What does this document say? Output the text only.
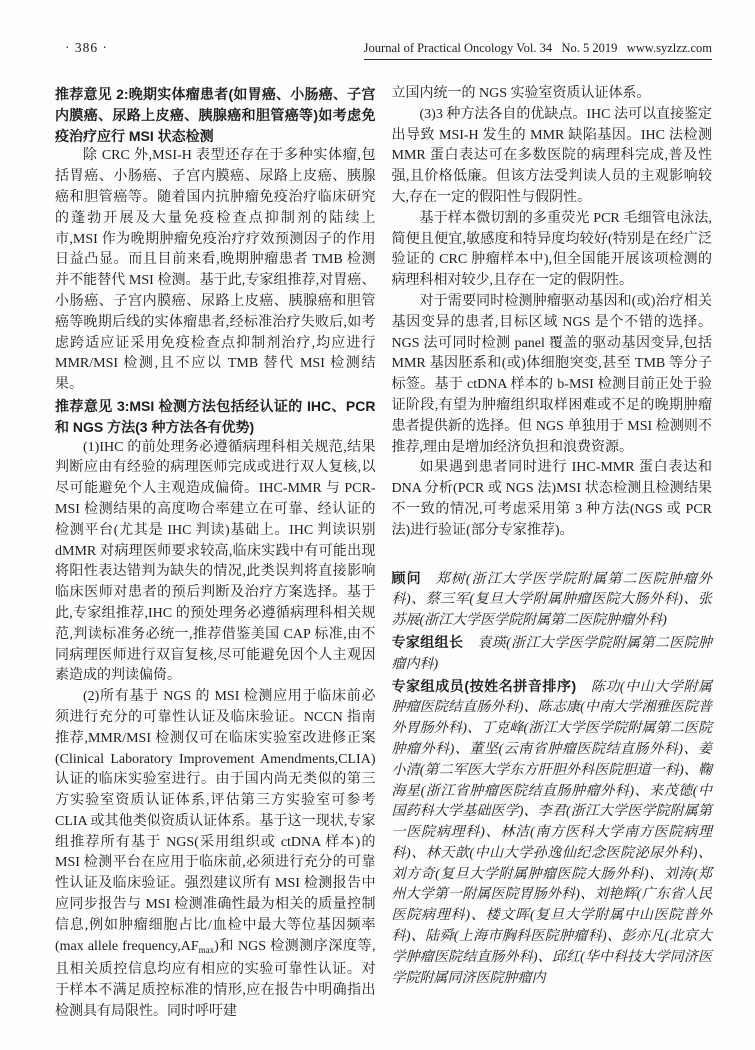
· 386 ·	Journal of Practical Oncology Vol. 34   No. 5 2019   www.syzlzz.com

推荐意见 2:晚期实体瘤患者(如胃癌、小肠癌、子宫内膜癌、尿路上皮癌、胰腺癌和胆管癌等)如考虑免疫治疗应行 MSI 状态检测

除 CRC 外,MSI-H 表型还存在于多种实体瘤,包括胃癌、小肠癌、子宫内膜癌、尿路上皮癌、胰腺癌和胆管癌等。随着国内抗肿瘤免疫治疗临床研究的蓬勃开展及大量免疫检查点抑制剂的陆续上市,MSI 作为晚期肿瘤免疫治疗疗效预测因子的作用日益凸显。而且目前来看,晚期肿瘤患者 TMB 检测并不能替代 MSI 检测。基于此,专家组推荐,对胃癌、小肠癌、子宫内膜癌、尿路上皮癌、胰腺癌和胆管癌等晚期后线的实体瘤患者,经标准治疗失败后,如考虑跨适应证采用免疫检查点抑制剂治疗,均应进行 MMR/MSI 检测,且不应以 TMB 替代 MSI 检测结果。

推荐意见 3:MSI 检测方法包括经认证的 IHC、PCR 和 NGS 方法(3 种方法各有优势)

(1)IHC 的前处理务必遵循病理科相关规范,结果判断应由有经验的病理医师完成或进行双人复核,以尽可能避免个人主观造成偏倚。IHC-MMR 与 PCR-MSI 检测结果的高度吻合率建立在可靠、经认证的检测平台(尤其是 IHC 判读)基础上。IHC 判读识别 dMMR 对病理医师要求较高,临床实践中有可能出现将阳性表达错判为缺失的情况,此类误判将直接影响临床医师对患者的预后判断及治疗方案选择。基于此,专家组推荐,IHC 的预处理务必遵循病理科相关规范,判读标准务必统一,推荐借鉴美国 CAP 标准,由不同病理医师进行双盲复核,尽可能避免因个人主观因素造成的判读偏倚。

(2)所有基于 NGS 的 MSI 检测应用于临床前必须进行充分的可靠性认证及临床验证。NCCN 指南推荐,MMR/MSI 检测仅可在临床实验室改进修正案(Clinical Laboratory Improvement Amendments,CLIA)认证的临床实验室进行。由于国内尚无类似的第三方实验室资质认证体系,评估第三方实验室可参考 CLIA 或其他类似资质认证体系。基于这一现状,专家组推荐所有基于 NGS(采用组织或 ctDNA 样本)的 MSI 检测平台在应用于临床前,必须进行充分的可靠性认证及临床验证。强烈建议所有 MSI 检测报告中应同步报告与 MSI 检测准确性最为相关的质量控制信息,例如肿瘤细胞占比/血检中最大等位基因频率(max allele $frequency,AF_{max}$)和 NGS 检测测序深度等,且相关质控信息均应有相应的实验可靠性认证。对于样本不满足质控标准的情形,应在报告中明确指出检测具有局限性。同时呼吁建

立国内统一的 NGS 实验室资质认证体系。

(3)3 种方法各自的优缺点。IHC 法可以直接鉴定出导致 MSI-H 发生的 MMR 缺陷基因。IHC 法检测 MMR 蛋白表达可在多数医院的病理科完成,普及性强,且价格低廉。但该方法受判读人员的主观影响较大,存在一定的假阳性与假阴性。

基于样本微切割的多重荧光 PCR 毛细管电泳法,简便且便宜,敏感度和特异度均较好(特别是在经广泛验证的 CRC 肿瘤样本中),但全国能开展该项检测的病理科相对较少,且存在一定的假阴性。

对于需要同时检测肿瘤驱动基因和(或)治疗相关基因变异的患者,目标区域 NGS 是个不错的选择。NGS 法可同时检测 panel 覆盖的驱动基因变异,包括 MMR 基因胚系和(或)体细胞突变,甚至 TMB 等分子标签。基于 ctDNA 样本的 b-MSI 检测目前正处于验证阶段,有望为肿瘤组织取样困难或不足的晚期肿瘤患者提供新的选择。但 NGS 单独用于 MSI 检测则不推荐,理由是增加经济负担和浪费资源。

如果遇到患者同时进行 IHC-MMR 蛋白表达和 DNA 分析(PCR 或 NGS 法)MSI 状态检测且检测结果不一致的情况,可考虑采用第 3 种方法(NGS 或 PCR 法)进行验证(部分专家推荐)。

顾问 郑树(浙江大学医学院附属第二医院肿瘤外科)、蔡三军(复旦大学附属肿瘤医院大肠外科)、张苏展(浙江大学医学院附属第二医院肿瘤外科)

专家组组长 袁瑛(浙江大学医学院附属第二医院肿瘤内科)

专家组成员(按姓名拼音排序) 陈功(中山大学附属肿瘤医院结直肠外科)、陈志康(中南大学湘雅医院普外胃肠外科)、丁克峰(浙江大学医学院附属第二医院肿瘤外科)、董坚(云南省肿瘤医院结直肠外科)、姜小清(第二军医大学东方肝胆外科医院胆道一科)、鞠海星(浙江省肿瘤医院结直肠肿瘤外科)、来茂德(中国药科大学基础医学)、李君(浙江大学医学院附属第一医院病理科)、林洁(南方医科大学南方医院病理科)、林天歆(中山大学孙逸仙纪念医院泌尿外科)、刘方奇(复旦大学附属肿瘤医院大肠外科)、刘涛(郑州大学第一附属医院胃肠外科)、刘艳辉(广东省人民医院病理科)、楼文晖(复旦大学附属中山医院普外科)、陆舜(上海市胸科医院肿瘤科)、彭亦凡(北京大学肿瘤医院结直肠外科)、邱红(华中科技大学同济医学院附属同济医院肿瘤内
